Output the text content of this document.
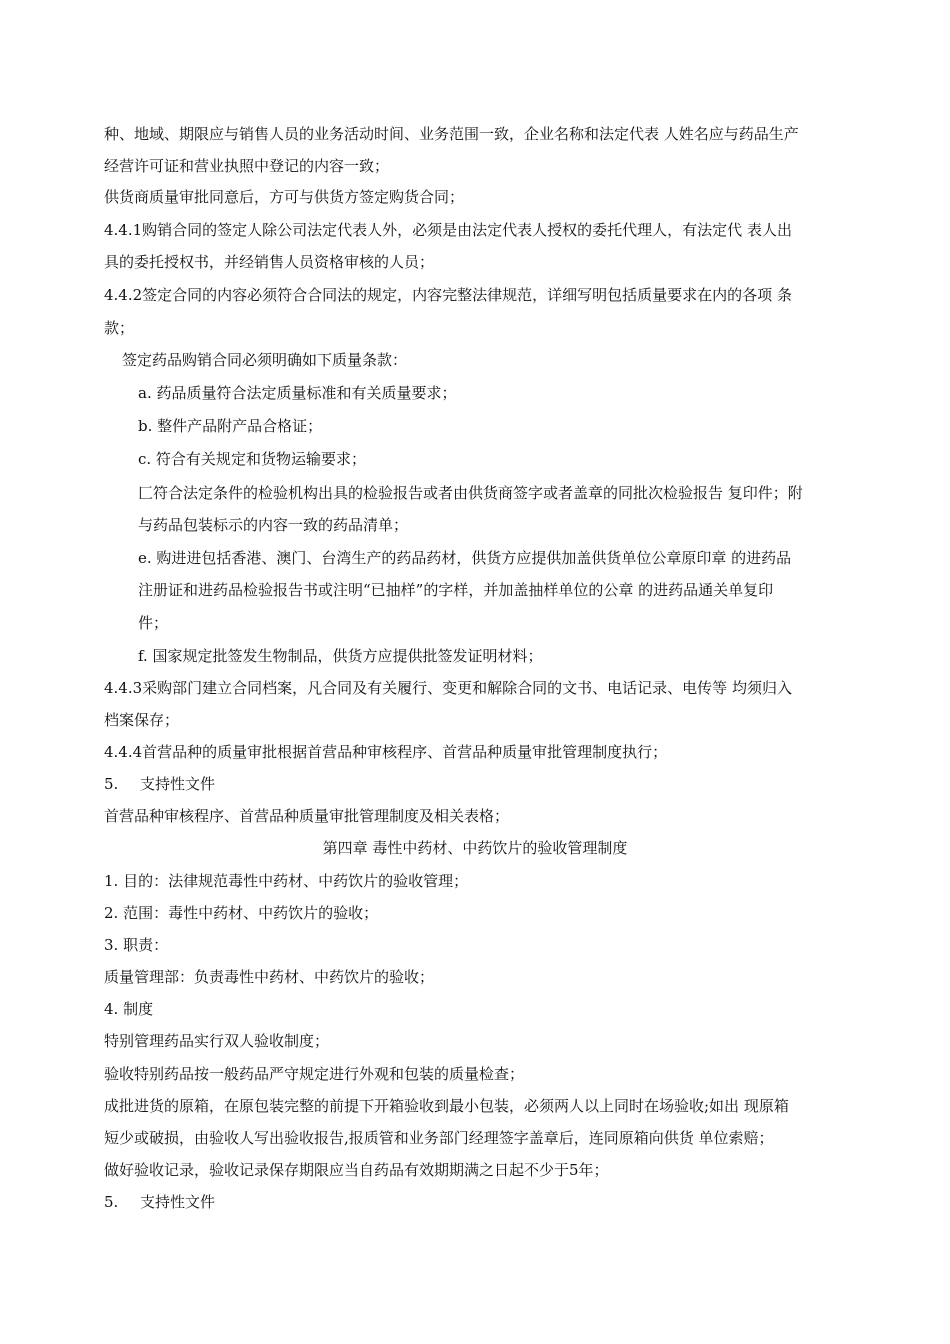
种、地域、期限应与销售人员的业务活动时间、业务范围一致，企业名称和法定代表 人姓名应与药品生产
经营许可证和营业执照中登记的内容一致；
供货商质量审批同意后，方可与供货方签定购货合同；
4.4.1购销合同的签定人除公司法定代表人外，必须是由法定代表人授权的委托代理人，有法定代 表人出
具的委托授权书，并经销售人员资格审核的人员；
4.4.2签定合同的内容必须符合合同法的规定，内容完整法律规范，详细写明包括质量要求在内的各项 条
款；
签定药品购销合同必须明确如下质量条款：
a. 药品质量符合法定质量标准和有关质量要求；
b. 整件产品附产品合格证；
c. 符合有关规定和货物运输要求；
匚符合法定条件的检验机构出具的检验报告或者由供货商签字或者盖章的同批次检验报告 复印件；附
与药品包装标示的内容一致的药品清单；
e. 购进进包括香港、澳门、台湾生产的药品药材，供货方应提供加盖供货单位公章原印章 的进药品
注册证和进药品检验报告书或注明“已抽样”的字样，并加盖抽样单位的公章 的进药品通关单复印
件；
f. 国家规定批签发生物制品，供货方应提供批签发证明材料；
4.4.3采购部门建立合同档案，凡合同及有关履行、变更和解除合同的文书、电话记录、电传等 均须归入
档案保存；
4.4.4首营品种的质量审批根据首营品种审核程序、首营品种质量审批管理制度执行；
5. 支持性文件
首营品种审核程序、首营品种质量审批管理制度及相关表格；
第四章 毒性中药材、中药饮片的验收管理制度
1. 目的：法律规范毒性中药材、中药饮片的验收管理；
2. 范围：毒性中药材、中药饮片的验收；
3. 职责：
质量管理部：负责毒性中药材、中药饮片的验收；
4. 制度
特别管理药品实行双人验收制度；
验收特别药品按一般药品严守规定进行外观和包装的质量检查；
成批进货的原箱，在原包装完整的前提下开箱验收到最小包装，必须两人以上同时在场验收;如出 现原箱
短少或破损，由验收人写出验收报告,报质管和业务部门经理签字盖章后，连同原箱向供货 单位索赔；
做好验收记录，验收记录保存期限应当自药品有效期期满之日起不少于5年；
5. 支持性文件
